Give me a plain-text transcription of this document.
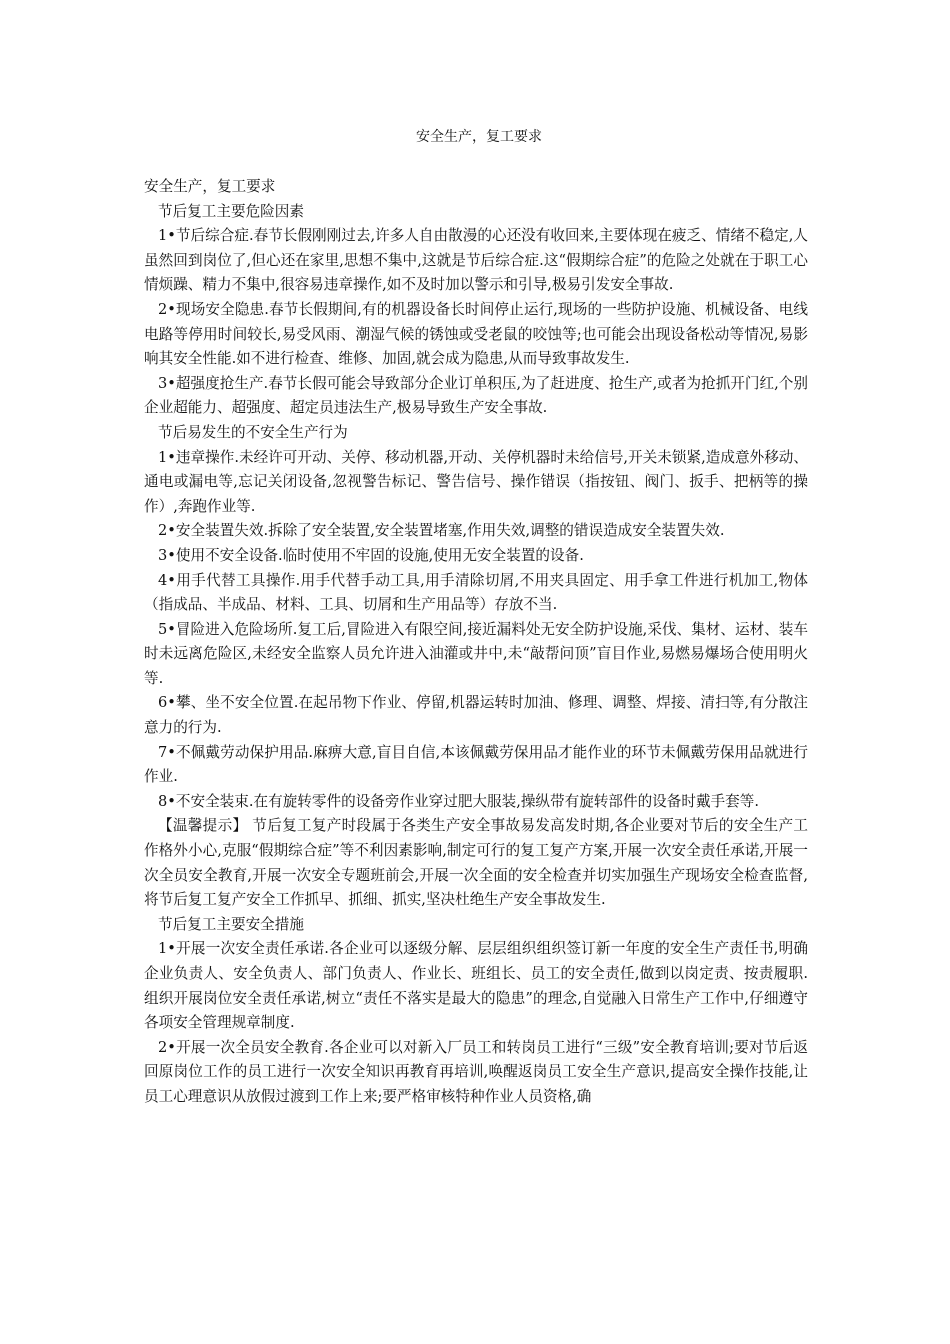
安全生产，复工要求

安全生产，复工要求

节后复工主要危险因素

1•节后综合症.春节长假刚刚过去,许多人自由散漫的心还没有收回来,主要体现在疲乏、情绪不稳定,人虽然回到岗位了,但心还在家里,思想不集中,这就是节后综合症.这“假期综合症”的危险之处就在于职工心情烦躁、精力不集中,很容易违章操作,如不及时加以警示和引导,极易引发安全事故.

2•现场安全隐患.春节长假期间,有的机器设备长时间停止运行,现场的一些防护设施、机械设备、电线电路等停用时间较长,易受风雨、潮湿气候的锈蚀或受老鼠的咬蚀等;也可能会出现设备松动等情况,易影响其安全性能.如不进行检查、维修、加固,就会成为隐患,从而导致事故发生.

3•超强度抢生产.春节长假可能会导致部分企业订单积压,为了赶进度、抢生产,或者为抢抓开门红,个别企业超能力、超强度、超定员违法生产,极易导致生产安全事故.

节后易发生的不安全生产行为

1•违章操作.未经许可开动、关停、移动机器,开动、关停机器时未给信号,开关未锁紧,造成意外移动、通电或漏电等,忘记关闭设备,忽视警告标记、警告信号、操作错误（指按钮、阀门、扳手、把柄等的操作）,奔跑作业等.

2•安全装置失效.拆除了安全装置,安全装置堵塞,作用失效,调整的错误造成安全装置失效.

3•使用不安全设备.临时使用不牢固的设施,使用无安全装置的设备.

4•用手代替工具操作.用手代替手动工具,用手清除切屑,不用夹具固定、用手拿工件进行机加工,物体（指成品、半成品、材料、工具、切屑和生产用品等）存放不当.

5•冒险进入危险场所.复工后,冒险进入有限空间,接近漏料处无安全防护设施,采伐、集材、运材、装车时未远离危险区,未经安全监察人员允许进入油灌或井中,未“敲帮问顶”盲目作业,易燃易爆场合使用明火等.

6•攀、坐不安全位置.在起吊物下作业、停留,机器运转时加油、修理、调整、焊接、清扫等,有分散注意力的行为.

7•不佩戴劳动保护用品.麻痹大意,盲目自信,本该佩戴劳保用品才能作业的环节未佩戴劳保用品就进行作业.

8•不安全装束.在有旋转零件的设备旁作业穿过肥大服装,操纵带有旋转部件的设备时戴手套等.

【温馨提示】 节后复工复产时段属于各类生产安全事故易发高发时期,各企业要对节后的安全生产工作格外小心,克服“假期综合症”等不利因素影响,制定可行的复工复产方案,开展一次安全责任承诺,开展一次全员安全教育,开展一次安全专题班前会,开展一次全面的安全检查并切实加强生产现场安全检查监督,将节后复工复产安全工作抓早、抓细、抓实,坚决杜绝生产安全事故发生.

节后复工主要安全措施

1•开展一次安全责任承诺.各企业可以逐级分解、层层组织组织签订新一年度的安全生产责任书,明确企业负责人、安全负责人、部门负责人、作业长、班组长、员工的安全责任,做到以岗定责、按责履职.组织开展岗位安全责任承诺,树立“责任不落实是最大的隐患”的理念,自觉融入日常生产工作中,仔细遵守各项安全管理规章制度.

2•开展一次全员安全教育.各企业可以对新入厂员工和转岗员工进行“三级”安全教育培训;要对节后返回原岗位工作的员工进行一次安全知识再教育再培训,唤醒返岗员工安全生产意识,提高安全操作技能,让员工心理意识从放假过渡到工作上来;要严格审核特种作业人员资格,确
